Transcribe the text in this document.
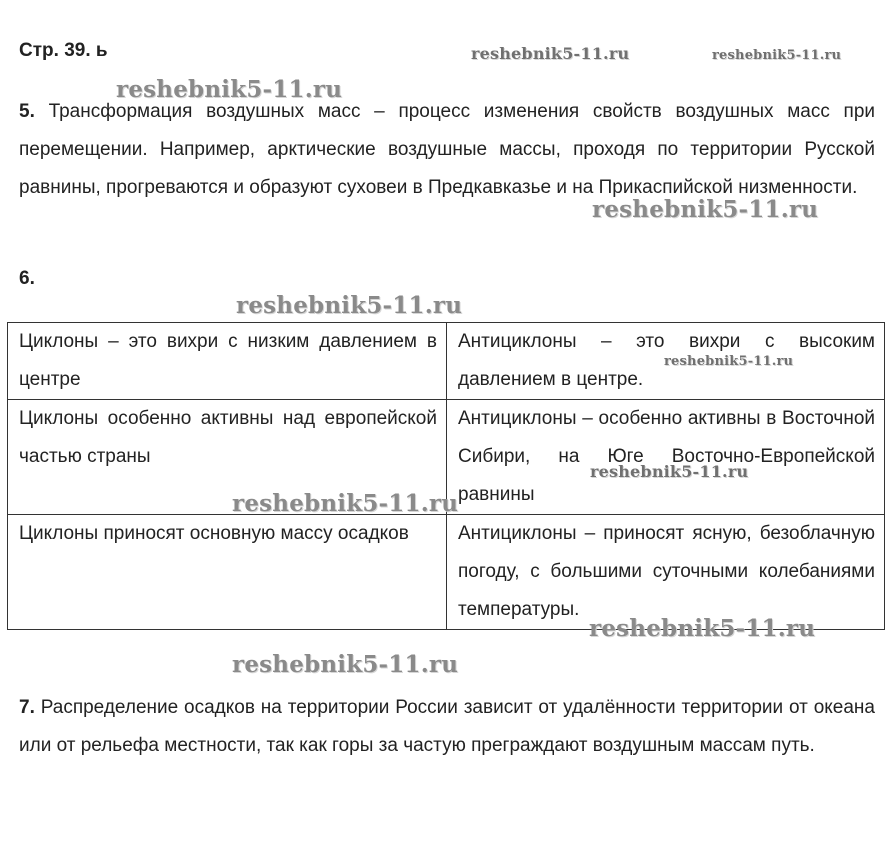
Стр. 39. ь	reshebnik5-11.ru	reshebnik5-11.ru
reshebnik5-11.ru

5. Трансформация воздушных масс – процесс изменения свойств воздушных масс при перемещении. Например, арктические воздушные массы, проходя по территории Русской равнины, прогреваются и образуют суховеи в Предкавказье и на Прикаспийской низменности.

reshebnik5-11.ru
6.
reshebnik5-11.ru
Циклоны – это вихри с низким давлением в центре	Антициклоны – это вихри с высоким давлением в центре.
Циклоны особенно активны над европейской частью страны	Антициклоны – особенно активны в Восточной Сибири, на Юге Восточно-Европейской равнины
Циклоны приносят основную массу осадков	Антициклоны – приносят ясную, безоблачную погоду, с большими суточными колебаниями температуры.
reshebnik5-11.ru
reshebnik5-11.ru
reshebnik5-11.ru
reshebnik5-11.ru
reshebnik5-11.ru

7. Распределение осадков на территории России зависит от удалённости территории от океана или от рельефа местности, так как горы за частую преграждают воздушным массам путь.
